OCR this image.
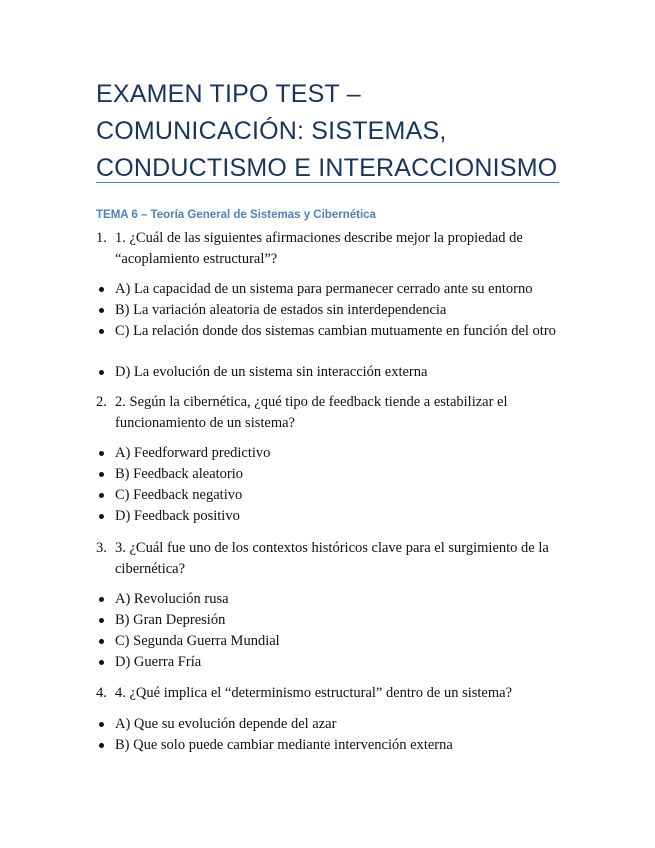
EXAMEN TIPO TEST – COMUNICACIÓN: SISTEMAS, CONDUCTISMO E INTERACCIONISMO
TEMA 6 – Teoría General de Sistemas y Cibernética
1. 1. ¿Cuál de las siguientes afirmaciones describe mejor la propiedad de “acoplamiento estructural”?
A) La capacidad de un sistema para permanecer cerrado ante su entorno
B) La variación aleatoria de estados sin interdependencia
C) La relación donde dos sistemas cambian mutuamente en función del otro
D) La evolución de un sistema sin interacción externa
2. 2. Según la cibernética, ¿qué tipo de feedback tiende a estabilizar el funcionamiento de un sistema?
A) Feedforward predictivo
B) Feedback aleatorio
C) Feedback negativo
D) Feedback positivo
3. 3. ¿Cuál fue uno de los contextos históricos clave para el surgimiento de la cibernética?
A) Revolución rusa
B) Gran Depresión
C) Segunda Guerra Mundial
D) Guerra Fría
4. 4. ¿Qué implica el “determinismo estructural” dentro de un sistema?
A) Que su evolución depende del azar
B) Que solo puede cambiar mediante intervención externa
